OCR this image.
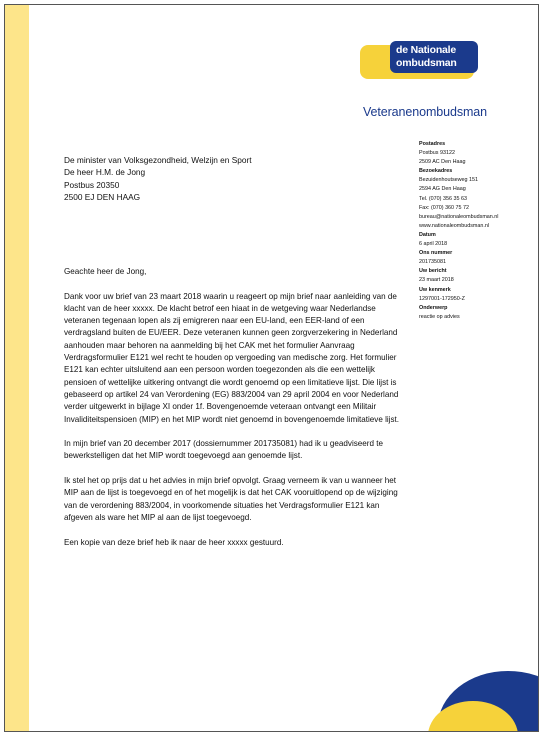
de Nationale
ombudsman
Veteranenombudsman
De minister van Volksgezondheid, Welzijn en Sport
De heer H.M. de Jong
Postbus 20350
2500 EJ DEN HAAG
Postadres
Postbus 93122
2509 AC Den Haag
Bezoekadres
Bezuidenhoutseweg 151
2594 AG Den Haag
Tel. (070) 356 35 63
Fax: (070) 360 75 72
bureau@nationaleombudsman.nl
www.nationaleombudsman.nl
Datum
6 april 2018
Ons nummer
201735081
Uw bericht
23 maart 2018
Uw kenmerk
1297001-172950-Z
Onderwerp
reactie op advies

Geachte heer de Jong,

Dank voor uw brief van 23 maart 2018 waarin u reageert op mijn brief naar aanleiding van de klacht van de heer xxxxx. De klacht betrof een hiaat in de wetgeving waar Nederlandse veteranen tegenaan lopen als zij emigreren naar een EU-land, een EER-land of een verdragsland buiten de EU/EER. Deze veteranen kunnen geen zorgverzekering in Nederland aanhouden maar behoren na aanmelding bij het CAK met het formulier Aanvraag Verdragsformulier E121 wel recht te houden op vergoeding van medische zorg. Het formulier E121 kan echter uitsluitend aan een persoon worden toegezonden als die een wettelijk pensioen of wettelijke uitkering ontvangt die wordt genoemd op een limitatieve lijst. Die lijst is gebaseerd op artikel 24 van Verordening (EG) 883/2004 van 29 april 2004 en voor Nederland verder uitgewerkt in bijlage XI onder 1f. Bovengenoemde veteraan ontvangt een Militair Invaliditeitspensioen (MIP) en het MIP wordt niet genoemd in bovengenoemde limitatieve lijst.

In mijn brief van 20 december 2017 (dossiernummer 201735081) had ik u geadviseerd te bewerkstelligen dat het MIP wordt toegevoegd aan genoemde lijst.

Ik stel het op prijs dat u het advies in mijn brief opvolgt. Graag verneem ik van u wanneer het MIP aan de lijst is toegevoegd en of het mogelijk is dat het CAK vooruitlopend op de wijziging van de verordening 883/2004, in voorkomende situaties het Verdragsformulier E121 kan afgeven als ware het MIP al aan de lijst toegevoegd.

Een kopie van deze brief heb ik naar de heer xxxxx gestuurd.
